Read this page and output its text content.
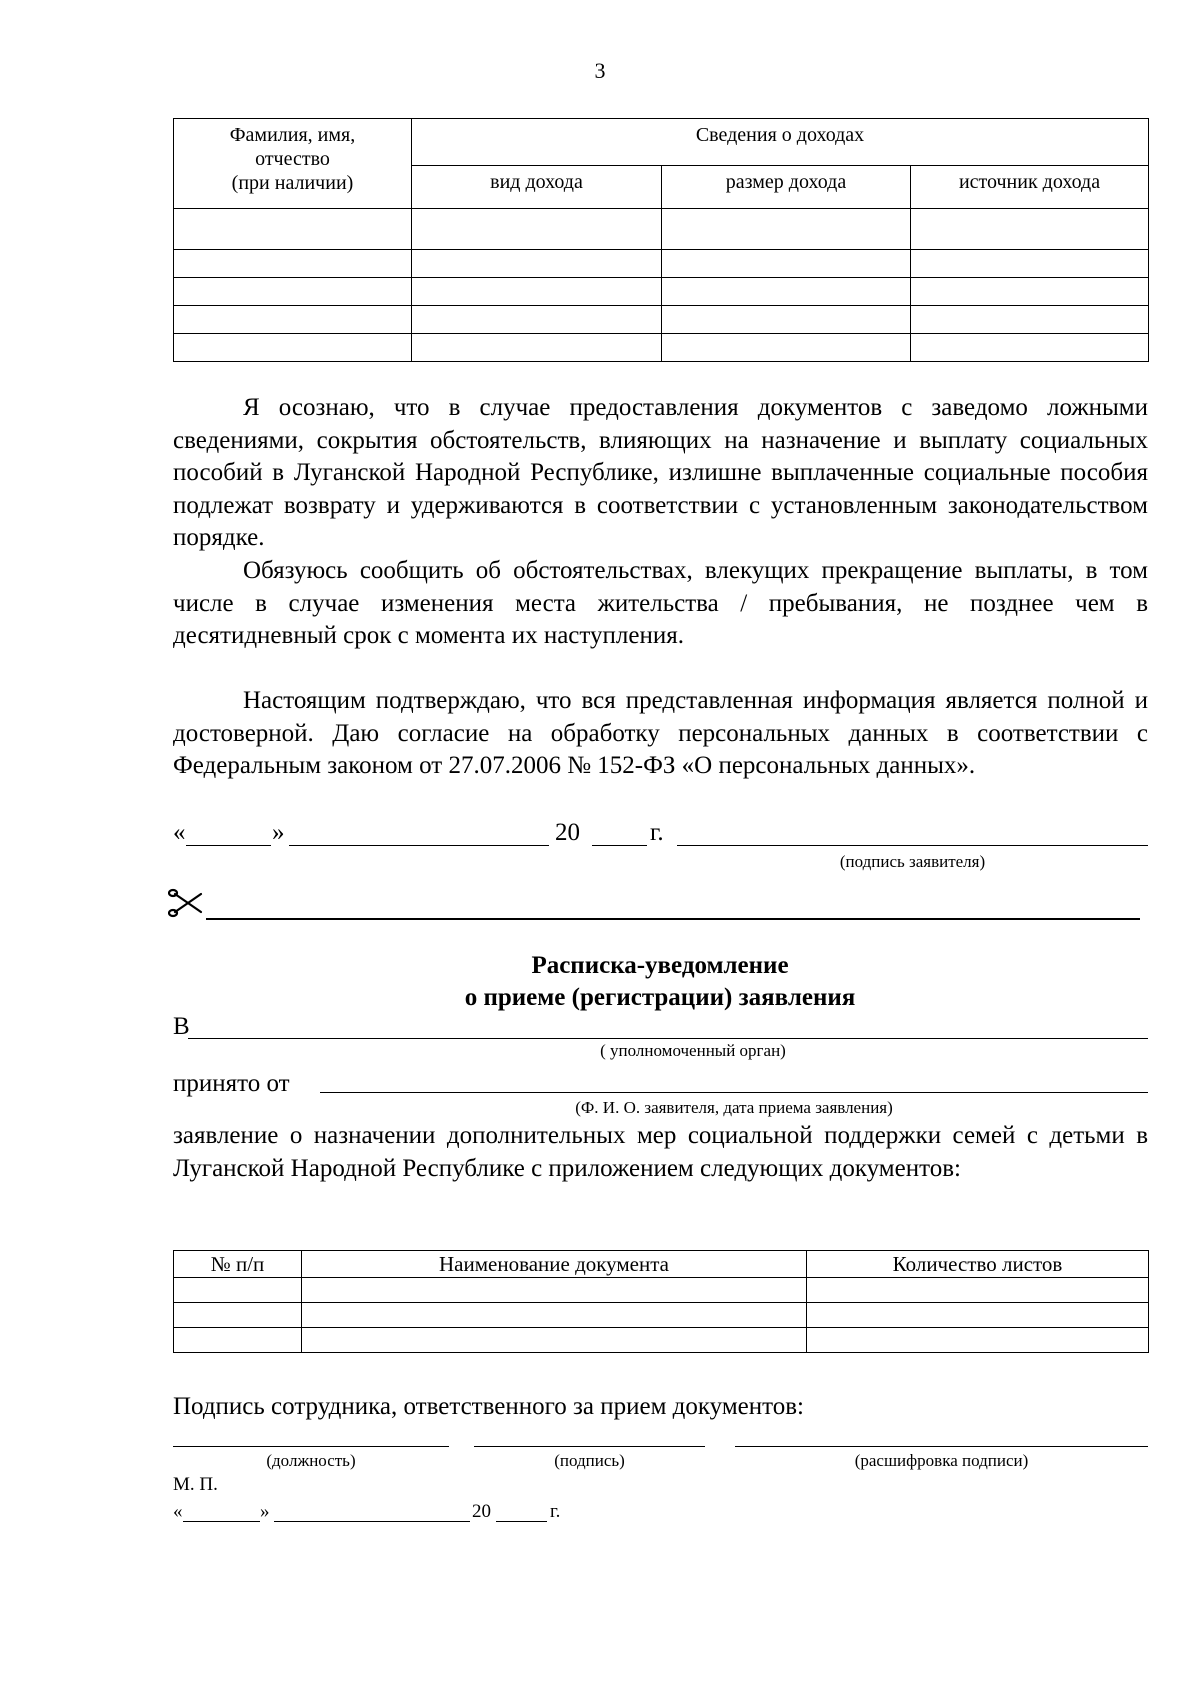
3
Фамилия, имя,
отчество
(при наличии)	Сведения о доходах		
	вид дохода	размер дохода	источник дохода

Я осознаю, что в случае предоставления документов с заведомо ложными сведениями, сокрытия обстоятельств, влияющих на назначение и выплату социальных пособий в Луганской Народной Республике, излишне выплаченные социальные пособия подлежат возврату и удерживаются в соответствии с установленным законодательством порядке.
Обязуюсь сообщить об обстоятельствах, влекущих прекращение выплаты, в том числе в случае изменения места жительства / пребывания, не позднее чем в десятидневный срок с момента их наступления.
Настоящим подтверждаю, что вся представленная информация является полной и достоверной. Даю согласие на обработку персональных данных в соответствии с Федеральным законом от 27.07.2006 № 152-ФЗ «О персональных данных».
«	»	20	г.
(подпись заявителя)
Расписка-уведомление
о приеме (регистрации) заявления
В
( уполномоченный орган)
принято от
(Ф. И. О. заявителя, дата приема заявления)
заявление о назначении дополнительных мер социальной поддержки семей с детьми в Луганской Народной Республике с приложением следующих документов:
№ п/п	Наименование документа	Количество листов

Подпись сотрудника, ответственного за прием документов:
(должность)	(подпись)	(расшифровка подписи)
М. П.
«	»	20	г.
